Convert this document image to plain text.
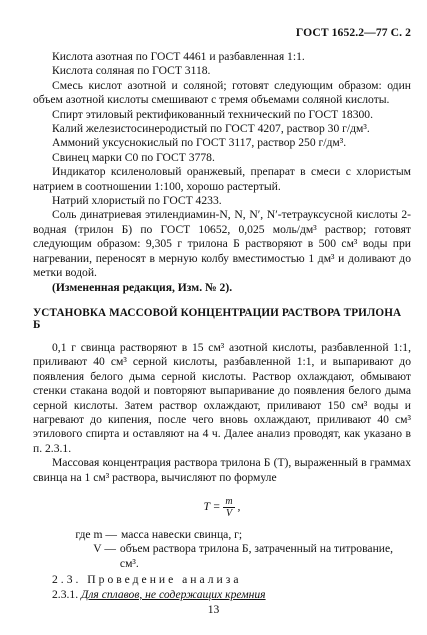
ГОСТ 1652.2—77 С. 2

Кислота азотная по ГОСТ 4461 и разбавленная 1:1.

Кислота соляная по ГОСТ 3118.

Смесь кислот азотной и соляной; готовят следующим образом: один объем азотной кислоты смешивают с тремя объемами соляной кислоты.

Спирт этиловый ректификованный технический по ГОСТ 18300.

Калий железистосинеродистый по ГОСТ 4207, раствор 30 г/дм³.

Аммоний уксуснокислый по ГОСТ 3117, раствор 250 г/дм³.

Свинец марки С0 по ГОСТ 3778.

Индикатор ксиленоловый оранжевый, препарат в смеси с хлористым натрием в соотношении 1:100, хорошо растертый.

Натрий хлористый по ГОСТ 4233.

Соль динатриевая этилендиамин-N, N, N′, N′-тетрауксусной кислоты 2-водная (трилон Б) по ГОСТ 10652, 0,025 моль/дм³ раствор; готовят следующим образом: 9,305 г трилона Б растворяют в 500 см³ воды при нагревании, переносят в мерную колбу вместимостью 1 дм³ и доливают до метки водой.

(Измененная редакция, Изм. № 2).

УСТАНОВКА МАССОВОЙ КОНЦЕНТРАЦИИ РАСТВОРА ТРИЛОНА Б

0,1 г свинца растворяют в 15 см³ азотной кислоты, разбавленной 1:1, приливают 40 см³ серной кислоты, разбавленной 1:1, и выпаривают до появления белого дыма серной кислоты. Раствор охлаждают, обмывают стенки стакана водой и повторяют выпаривание до появления белого дыма серной кислоты. Затем раствор охлаждают, приливают 150 см³ воды и нагревают до кипения, после чего вновь охлаждают, приливают 40 см³ этилового спирта и оставляют на 4 ч. Далее анализ проводят, как указано в п. 2.3.1.

Массовая концентрация раствора трилона Б (T), выраженный в граммах свинца на 1 см³ раствора, вычисляют по формуле

$T = \frac{m}{V}$ ,
где m — масса навески свинца, г;
V — объем раствора трилона Б, затраченный на титрование, см³.

2.3. Проведение анализа

2.3.1. Для сплавов, не содержащих кремния

13
